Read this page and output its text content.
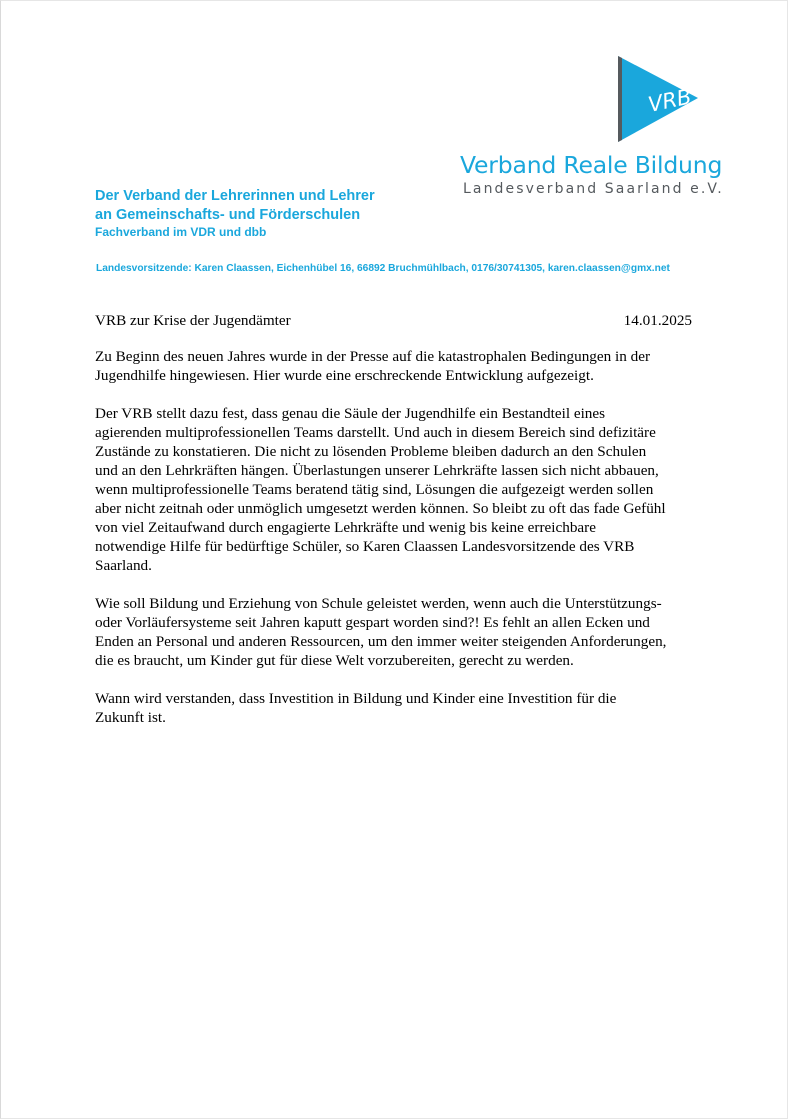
VRB
Verband Reale Bildung
Landesverband Saarland e.V.
Der Verband der Lehrerinnen und Lehrer
an Gemeinschafts- und Förderschulen
Fachverband im VDR und dbb
Landesvorsitzende: Karen Claassen, Eichenhübel 16, 66892 Bruchmühlbach, 0176/30741305, karen.claassen@gmx.net
VRB zur Krise der Jugendämter	14.01.2025

Zu Beginn des neuen Jahres wurde in der Presse auf die katastrophalen Bedingungen in der
Jugendhilfe hingewiesen. Hier wurde eine erschreckende Entwicklung aufgezeigt.

Der VRB stellt dazu fest, dass genau die Säule der Jugendhilfe ein Bestandteil eines
agierenden multiprofessionellen Teams darstellt. Und auch in diesem Bereich sind defizitäre
Zustände zu konstatieren. Die nicht zu lösenden Probleme bleiben dadurch an den Schulen
und an den Lehrkräften hängen. Überlastungen unserer Lehrkräfte lassen sich nicht abbauen,
wenn multiprofessionelle Teams beratend tätig sind, Lösungen die aufgezeigt werden sollen
aber nicht zeitnah oder unmöglich umgesetzt werden können. So bleibt zu oft das fade Gefühl
von viel Zeitaufwand durch engagierte Lehrkräfte und wenig bis keine erreichbare
notwendige Hilfe für bedürftige Schüler, so Karen Claassen Landesvorsitzende des VRB
Saarland.

Wie soll Bildung und Erziehung von Schule geleistet werden, wenn auch die Unterstützungs-
oder Vorläufersysteme seit Jahren kaputt gespart worden sind?! Es fehlt an allen Ecken und
Enden an Personal und anderen Ressourcen, um den immer weiter steigenden Anforderungen,
die es braucht, um Kinder gut für diese Welt vorzubereiten, gerecht zu werden.

Wann wird verstanden, dass Investition in Bildung und Kinder eine Investition für die
Zukunft ist.
